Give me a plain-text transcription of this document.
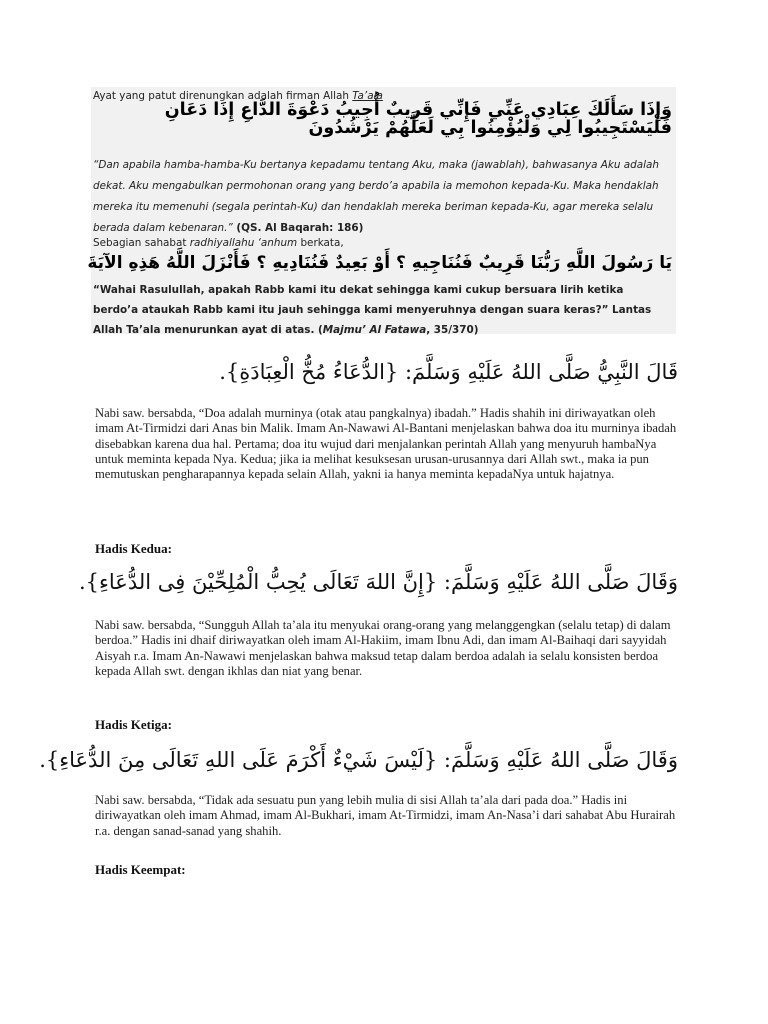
Ayat yang patut direnungkan adalah firman Allah Ta’ala
وَإِذَا سَأَلَكَ عِبَادِي عَنِّي فَإِنِّي قَرِيبٌ أُجِيبُ دَعْوَةَ الدَّاعِ إِذَا دَعَانِ فَلْيَسْتَجِيبُوا لِي وَلْيُؤْمِنُوا بِي لَعَلَّهُمْ يَرْشُدُونَ
“Dan apabila hamba-hamba-Ku bertanya kepadamu tentang Aku, maka (jawablah), bahwasanya Aku adalah dekat. Aku mengabulkan permohonan orang yang berdo’a apabila ia memohon kepada-Ku. Maka hendaklah mereka itu memenuhi (segala perintah-Ku) dan hendaklah mereka beriman kepada-Ku, agar mereka selalu berada dalam kebenaran.” (QS. Al Baqarah: 186)
Sebagian sahabat radhiyallahu ‘anhum berkata,
يَا رَسُولَ اللَّهِ رَبُّنَا قَرِيبٌ فَنُنَاجِيهِ ؟ أَوْ بَعِيدٌ فَنُنَادِيهِ ؟ فَأَنْزَلَ اللَّهُ هَذِهِ الآيَةَ
“Wahai Rasulullah, apakah Rabb kami itu dekat sehingga kami cukup bersuara lirih ketika berdo’a ataukah Rabb kami itu jauh sehingga kami menyeruhnya dengan suara keras?” Lantas Allah Ta’ala menurunkan ayat di atas. (Majmu’ Al Fatawa, 35/370)
قَالَ النَّبِيُّ صَلَّى اللهُ عَلَيْهِ وَسَلَّمَ: {الدُّعَاءُ مُخُّ الْعِبَادَةِ}.
Nabi saw. bersabda, “Doa adalah murninya (otak atau pangkalnya) ibadah.” Hadis shahih ini diriwayatkan oleh imam At-Tirmidzi dari Anas bin Malik. Imam An-Nawawi Al-Bantani menjelaskan bahwa doa itu murninya ibadah disebabkan karena dua hal. Pertama; doa itu wujud dari menjalankan perintah Allah yang menyuruh hambaNya untuk meminta kepada Nya. Kedua; jika ia melihat kesuksesan urusan-urusannya dari Allah swt., maka ia pun memutuskan pengharapannya kepada selain Allah, yakni ia hanya meminta kepadaNya untuk hajatnya.
Hadis Kedua:
وَقَالَ صَلَّى اللهُ عَلَيْهِ وَسَلَّمَ: {إِنَّ اللهَ تَعَالَى يُحِبُّ الْمُلِحِّيْنَ فِى الدُّعَاءِ}.
Nabi saw. bersabda, “Sungguh Allah ta’ala itu menyukai orang-orang yang melanggengkan (selalu tetap) di dalam berdoa.” Hadis ini dhaif diriwayatkan oleh imam Al-Hakiim, imam Ibnu Adi, dan imam Al-Baihaqi dari sayyidah Aisyah r.a. Imam An-Nawawi menjelaskan bahwa maksud tetap dalam berdoa adalah ia selalu konsisten berdoa kepada Allah swt. dengan ikhlas dan niat yang benar.
Hadis Ketiga:
وَقَالَ صَلَّى اللهُ عَلَيْهِ وَسَلَّمَ: {لَيْسَ شَيْءٌ أَكْرَمَ عَلَى اللهِ تَعَالَى مِنَ الدُّعَاءِ}.
Nabi saw. bersabda, “Tidak ada sesuatu pun yang lebih mulia di sisi Allah ta’ala dari pada doa.” Hadis ini diriwayatkan oleh imam Ahmad, imam Al-Bukhari, imam At-Tirmidzi, imam An-Nasa’i dari sahabat Abu Hurairah r.a. dengan sanad-sanad yang shahih.
Hadis Keempat:
